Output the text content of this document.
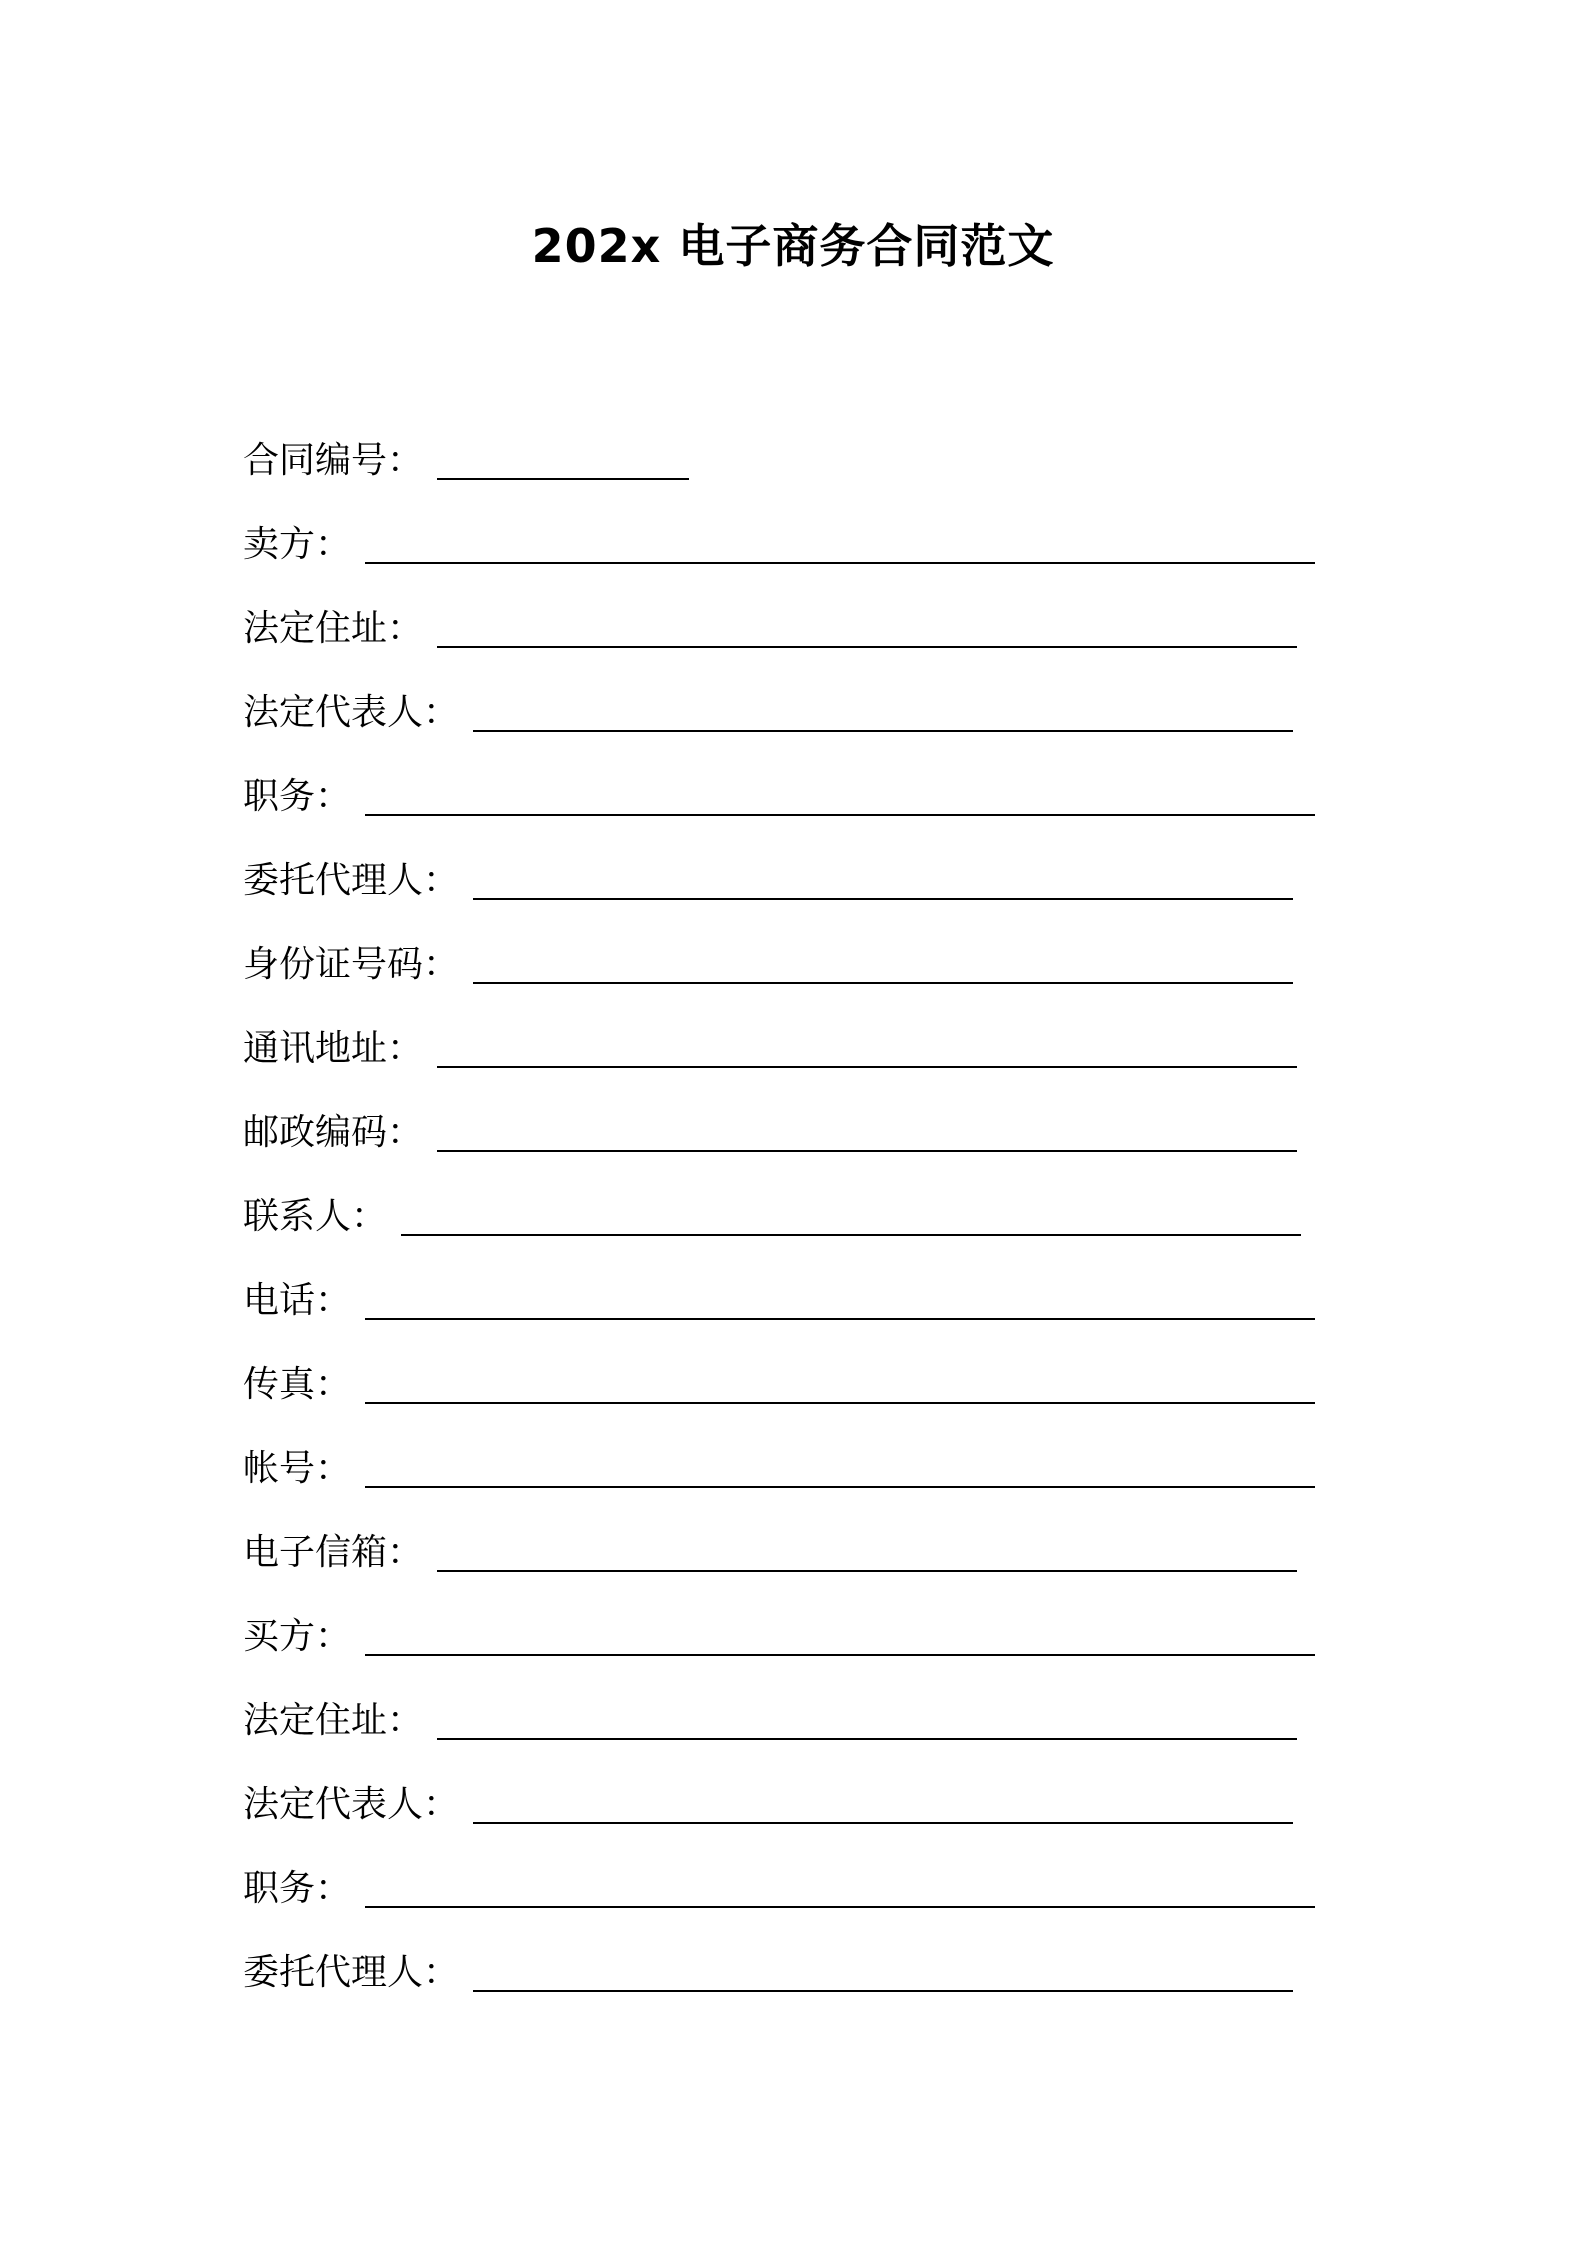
202x 电子商务合同范文
合同编号：
卖方：
法定住址：
法定代表人：
职务：
委托代理人：
身份证号码：
通讯地址：
邮政编码：
联系人：
电话：
传真：
帐号：
电子信箱：
买方：
法定住址：
法定代表人：
职务：
委托代理人：
